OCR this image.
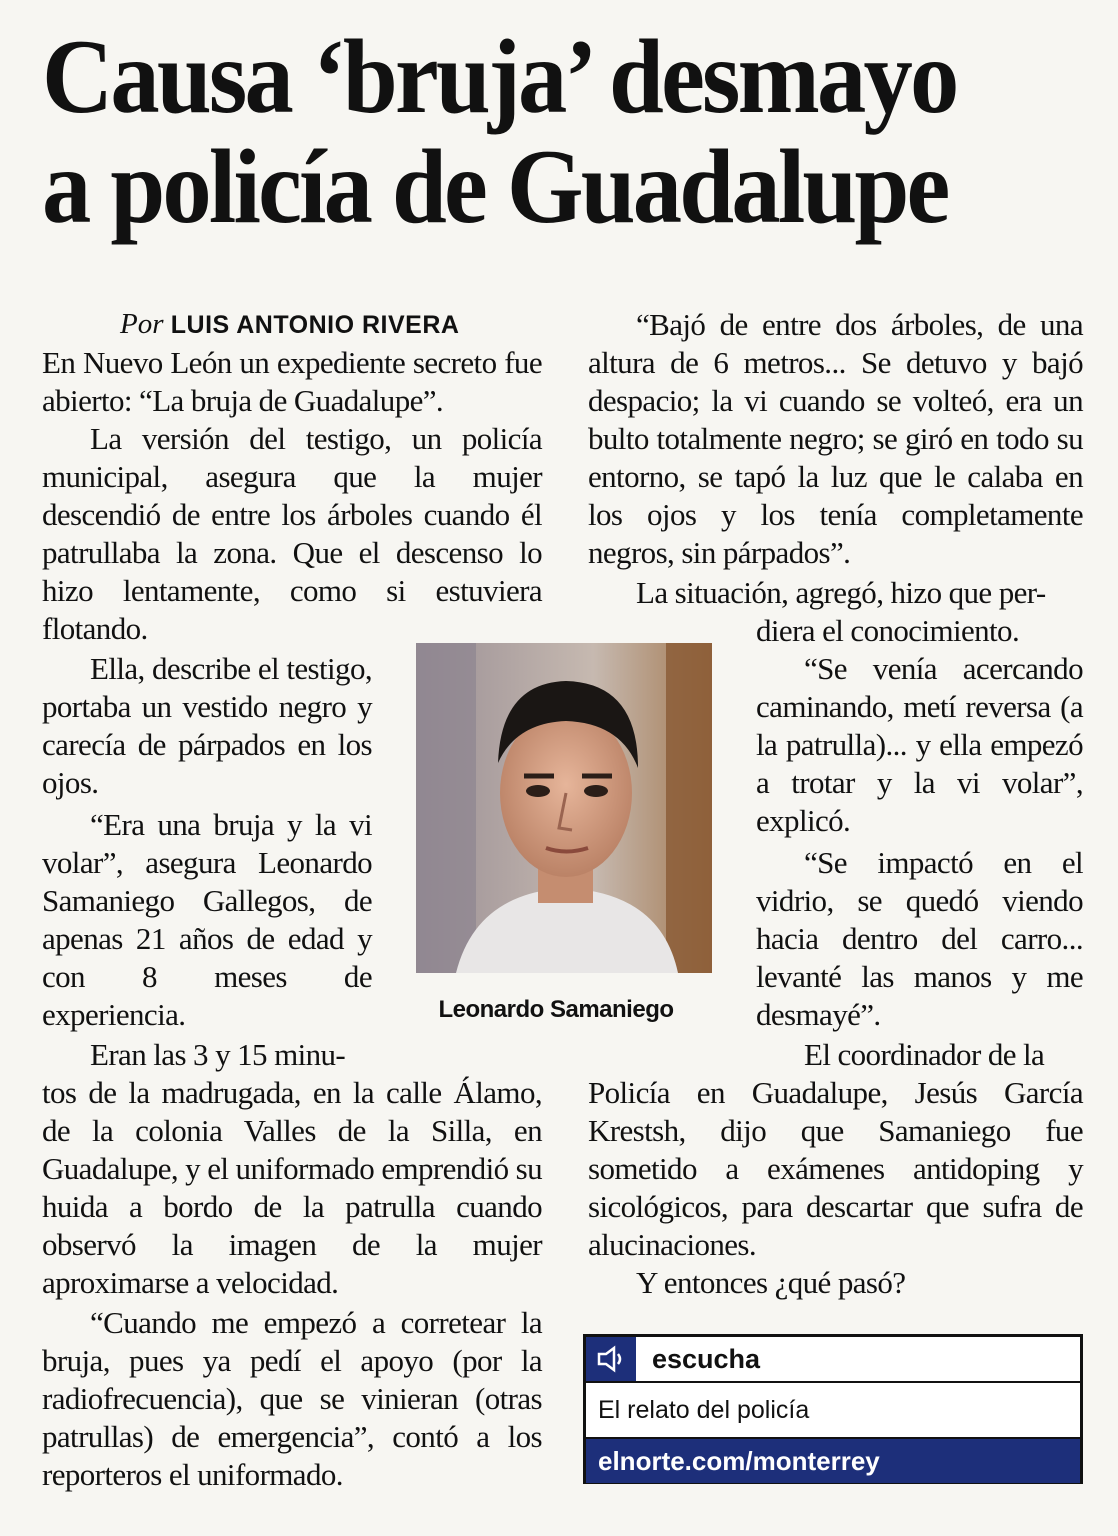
Causa ‘bruja’ desmayo
a policía de Guadalupe
Por LUIS ANTONIO RIVERA
En Nuevo León un expediente secreto fue abierto: “La bruja de Guadalupe”.
La versión del testigo, un policía municipal, asegura que la mujer descendió de entre los árboles cuando él patrullaba la zona. Que el descenso lo hizo lentamente, como si estuviera flotando.
Ella, describe el testigo, portaba un vestido negro y carecía de párpados en los ojos.
“Era una bruja y la vi volar”, asegura Leonardo Samaniego Gallegos, de apenas 21 años de edad y con 8 meses de experiencia.
Eran las 3 y 15 minu-
tos de la madrugada, en la calle Álamo, de la colonia Valles de la Silla, en Guadalupe, y el uniformado emprendió su huida a bordo de la patrulla cuando observó la imagen de la mujer aproximarse a velocidad.
“Cuando me empezó a corretear la bruja, pues ya pedí el apoyo (por la radiofrecuencia), que se vinieran (otras patrullas) de emergencia”, contó a los reporteros el uniformado.
Leonardo Samaniego
“Bajó de entre dos árboles, de una altura de 6 metros... Se detuvo y bajó despacio; la vi cuando se volteó, era un bulto totalmente negro; se giró en todo su entorno, se tapó la luz que le calaba en los ojos y los tenía completamente negros, sin párpados”.
La situación, agregó, hizo que per-
diera el conocimiento.
“Se venía acercando caminando, metí reversa (a la patrulla)... y ella empezó a trotar y la vi volar”, explicó.
“Se impactó en el vidrio, se quedó viendo hacia dentro del carro... levanté las manos y me desmayé”.
El coordinador de la
Policía en Guadalupe, Jesús García Krestsh, dijo que Samaniego fue sometido a exámenes antidoping y sicológicos, para descartar que sufra de alucinaciones.
Y entonces ¿qué pasó?
escucha
El relato del policía
elnorte.com/monterrey
